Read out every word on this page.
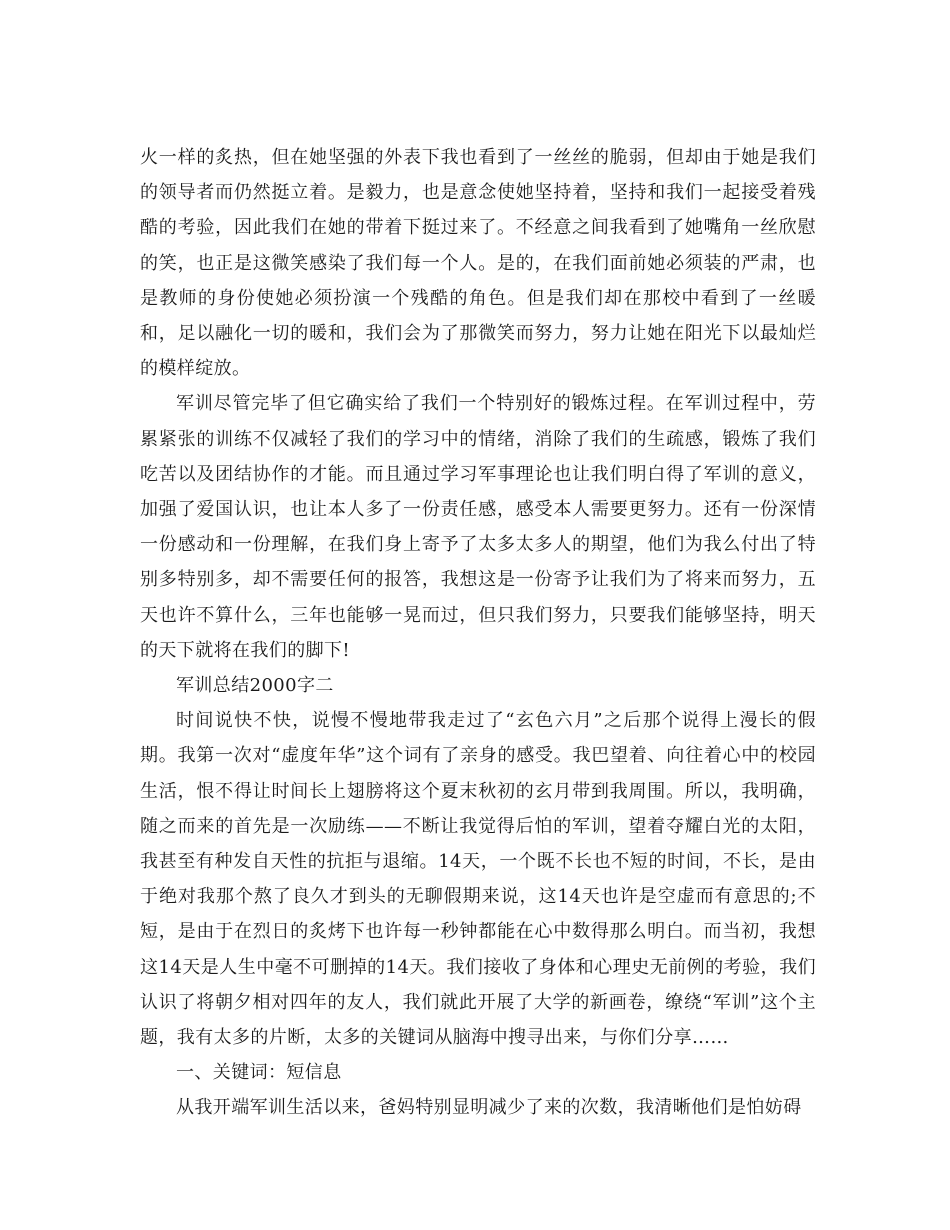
火一样的炙热，但在她坚强的外表下我也看到了一丝丝的脆弱，但却由于她是我们的领导者而仍然挺立着。是毅力，也是意念使她坚持着，坚持和我们一起接受着残酷的考验，因此我们在她的带着下挺过来了。不经意之间我看到了她嘴角一丝欣慰的笑，也正是这微笑感染了我们每一个人。是的，在我们面前她必须装的严肃，也是教师的身份使她必须扮演一个残酷的角色。但是我们却在那校中看到了一丝暖和，足以融化一切的暖和，我们会为了那微笑而努力，努力让她在阳光下以最灿烂的模样绽放。

军训尽管完毕了但它确实给了我们一个特别好的锻炼过程。在军训过程中，劳累紧张的训练不仅减轻了我们的学习中的情绪，消除了我们的生疏感，锻炼了我们吃苦以及团结协作的才能。而且通过学习军事理论也让我们明白得了军训的意义，加强了爱国认识，也让本人多了一份责任感，感受本人需要更努力。还有一份深情一份感动和一份理解，在我们身上寄予了太多太多人的期望，他们为我么付出了特别多特别多，却不需要任何的报答，我想这是一份寄予让我们为了将来而努力，五天也许不算什么，三年也能够一晃而过，但只我们努力，只要我们能够坚持，明天的天下就将在我们的脚下!

军训总结2000字二

时间说快不快，说慢不慢地带我走过了“玄色六月”之后那个说得上漫长的假期。我第一次对“虚度年华”这个词有了亲身的感受。我巴望着、向往着心中的校园生活，恨不得让时间长上翅膀将这个夏末秋初的玄月带到我周围。所以，我明确，随之而来的首先是一次励练——不断让我觉得后怕的军训，望着夺耀白光的太阳，我甚至有种发自天性的抗拒与退缩。14天，一个既不长也不短的时间，不长，是由于绝对我那个熬了良久才到头的无聊假期来说，这14天也许是空虚而有意思的;不短，是由于在烈日的炙烤下也许每一秒钟都能在心中数得那么明白。而当初，我想这14天是人生中毫不可删掉的14天。我们接收了身体和心理史无前例的考验，我们认识了将朝夕相对四年的友人，我们就此开展了大学的新画卷，缭绕“军训”这个主题，我有太多的片断，太多的关键词从脑海中搜寻出来，与你们分享……

一、关键词：短信息

从我开端军训生活以来，爸妈特别显明减少了来的次数，我清晰他们是怕妨碍
